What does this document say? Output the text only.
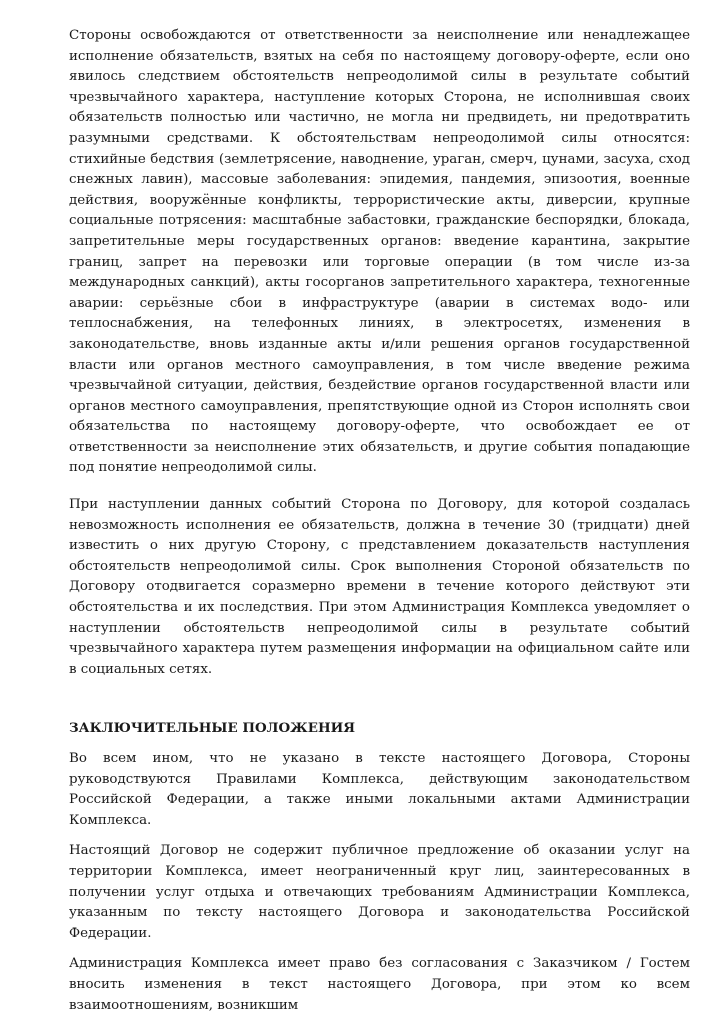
Стороны освобождаются от ответственности за неисполнение или ненадлежащее исполнение обязательств, взятых на себя по настоящему договору-оферте, если оно явилось следствием обстоятельств непреодолимой силы в результате событий чрезвычайного характера, наступление которых Сторона, не исполнившая своих обязательств полностью или частично, не могла ни предвидеть, ни предотвратить разумными средствами. К обстоятельствам непреодолимой силы относятся: стихийные бедствия (землетрясение, наводнение, ураган, смерч, цунами, засуха, сход снежных лавин), массовые заболевания: эпидемия, пандемия, эпизоотия, военные действия, вооружённые конфликты, террористические акты, диверсии, крупные социальные потрясения: масштабные забастовки, гражданские беспорядки, блокада, запретительные меры государственных органов: введение карантина, закрытие границ, запрет на перевозки или торговые операции (в том числе из-за международных санкций), акты госорганов запретительного характера, техногенные аварии: серьёзные сбои в инфраструктуре (аварии в системах водо- или теплоснабжения, на телефонных линиях, в электросетях, изменения в законодательстве, вновь изданные акты и/или решения органов государственной власти или органов местного самоуправления, в том числе введение режима чрезвычайной ситуации, действия, бездействие органов государственной власти или органов местного самоуправления, препятствующие одной из Сторон исполнять свои обязательства по настоящему договору-оферте, что освобождает ее от ответственности за неисполнение этих обязательств, и другие события попадающие под понятие непреодолимой силы.

При наступлении данных событий Сторона по Договору, для которой создалась невозможность исполнения ее обязательств, должна в течение 30 (тридцати) дней известить о них другую Сторону, с представлением доказательств наступления обстоятельств непреодолимой силы. Срок выполнения Стороной обязательств по Договору отодвигается соразмерно времени в течение которого действуют эти обстоятельства и их последствия. При этом Администрация Комплекса уведомляет о наступлении обстоятельств непреодолимой силы в результате событий чрезвычайного характера путем размещения информации на официальном сайте или в социальных сетях.

ЗАКЛЮЧИТЕЛЬНЫЕ ПОЛОЖЕНИЯ

Во всем ином, что не указано в тексте настоящего Договора, Стороны руководствуются Правилами Комплекса, действующим законодательством Российской Федерации, а также иными локальными актами Администрации Комплекса.

Настоящий Договор не содержит публичное предложение об оказании услуг на территории Комплекса, имеет неограниченный круг лиц, заинтересованных в получении услуг отдыха и отвечающих требованиям Администрации Комплекса, указанным по тексту настоящего Договора и законодательства Российской Федерации.

Администрация Комплекса имеет право без согласования с Заказчиком / Гостем вносить изменения в текст настоящего Договора, при этом ко всем взаимоотношениям, возникшим
